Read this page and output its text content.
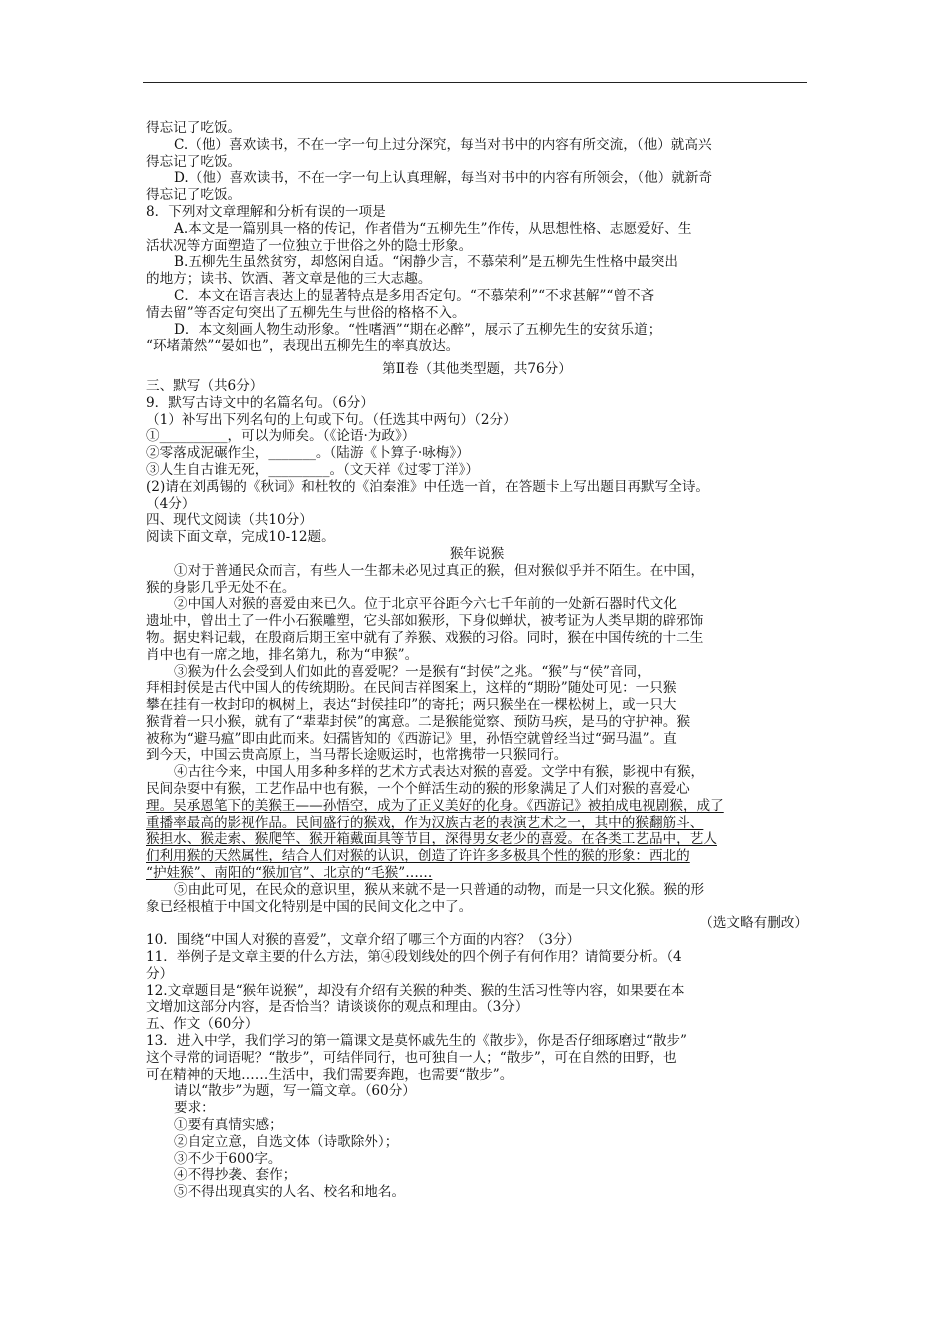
得忘记了吃饭。
C.（他）喜欢读书，不在一字一句上过分深究，每当对书中的内容有所交流，（他）就高兴
得忘记了吃饭。
D.（他）喜欢读书，不在一字一句上认真理解，每当对书中的内容有所领会，（他）就新奇
得忘记了吃饭。
8．下列对文章理解和分析有误的一项是
A.本文是一篇别具一格的传记，作者借为“五柳先生”作传，从思想性格、志愿爱好、生
活状况等方面塑造了一位独立于世俗之外的隐士形象。
B.五柳先生虽然贫穷，却悠闲自适。“闲静少言，不慕荣利”是五柳先生性格中最突出
的地方；读书、饮酒、著文章是他的三大志趣。
C．本文在语言表达上的显著特点是多用否定句。“不慕荣利”“不求甚解”“曾不吝
情去留”等否定句突出了五柳先生与世俗的格格不入。
D．本文刻画人物生动形象。“性嗜酒”“期在必醉”，展示了五柳先生的安贫乐道；
“环堵萧然”“晏如也”，表现出五柳先生的率真放达。
第Ⅱ卷（其他类型题，共76分）
三、默写（共6分）
9．默写古诗文中的名篇名句。（6分）
（1）补写出下列名句的上句或下句。（任选其中两句）（2分）
①__________，可以为师矣。（《论语·为政》）
②零落成泥碾作尘，_______。（陆游《卜算子·咏梅》）
③人生自古谁无死，_________。（文天祥《过零丁洋》）
(2)请在刘禹锡的《秋词》和杜牧的《泊秦淮》中任选一首，在答题卡上写出题目再默写全诗。
（4分）
四、现代文阅读（共10分）
阅读下面文章，完成10-12题。
猴年说猴
①对于普通民众而言，有些人一生都未必见过真正的猴，但对猴似乎并不陌生。在中国，
猴的身影几乎无处不在。
②中国人对猴的喜爱由来已久。位于北京平谷距今六七千年前的一处新石器时代文化
遗址中，曾出土了一件小石猴雕塑，它头部如猴形，下身似蝉状，被考证为人类早期的辟邪饰
物。据史料记载，在殷商后期王室中就有了养猴、戏猴的习俗。同时，猴在中国传统的十二生
肖中也有一席之地，排名第九，称为“申猴”。
③猴为什么会受到人们如此的喜爱呢？一是猴有“封侯”之兆。“猴”与“侯”音同，
拜相封侯是古代中国人的传统期盼。在民间吉祥图案上，这样的“期盼”随处可见：一只猴
攀在挂有一枚封印的枫树上，表达“封侯挂印”的寄托；两只猴坐在一棵松树上，或一只大
猴背着一只小猴，就有了“辈辈封侯”的寓意。二是猴能觉察、预防马疾，是马的守护神。猴
被称为“避马瘟”即由此而来。妇孺皆知的《西游记》里，孙悟空就曾经当过“弼马温”。直
到今天，中国云贵高原上，当马帮长途贩运时，也常携带一只猴同行。
④古往今来，中国人用多种多样的艺术方式表达对猴的喜爱。文学中有猴，影视中有猴，
民间杂耍中有猴，工艺作品中也有猴，一个个鲜活生动的猴的形象满足了人们对猴的喜爱心
理。吴承恩笔下的美猴王——孙悟空，成为了正义美好的化身。《西游记》被拍成电视剧猴，成了
重播率最高的影视作品。民间盛行的猴戏，作为汉族古老的表演艺术之一，其中的猴翻筋斗、
猴担水、猴走索、猴爬竿、猴开箱戴面具等节目，深得男女老少的喜爱。在各类工艺品中，艺人
们利用猴的天然属性，结合人们对猴的认识，创造了许许多多极具个性的猴的形象：西北的
“护娃猴”、南阳的“猴加官”、北京的“毛猴”……
⑤由此可见，在民众的意识里，猴从来就不是一只普通的动物，而是一只文化猴。猴的形
象已经根植于中国文化特别是中国的民间文化之中了。
（选文略有删改）
10．围绕“中国人对猴的喜爱”，文章介绍了哪三个方面的内容？（3分）
11．举例子是文章主要的什么方法，第④段划线处的四个例子有何作用？请简要分析。（4
分）
12.文章题目是“猴年说猴”，却没有介绍有关猴的种类、猴的生活习性等内容，如果要在本
文增加这部分内容，是否恰当？请谈谈你的观点和理由。（3分）
五、作文（60分）
13．进入中学，我们学习的第一篇课文是莫怀戚先生的《散步》，你是否仔细琢磨过“散步”
这个寻常的词语呢？“散步”，可结伴同行，也可独自一人；“散步”，可在自然的田野，也
可在精神的天地……生活中，我们需要奔跑，也需要“散步”。
请以“散步”为题，写一篇文章。（60分）
要求：
①要有真情实感；
②自定立意，自选文体（诗歌除外）；
③不少于600字。
④不得抄袭、套作；
⑤不得出现真实的人名、校名和地名。
